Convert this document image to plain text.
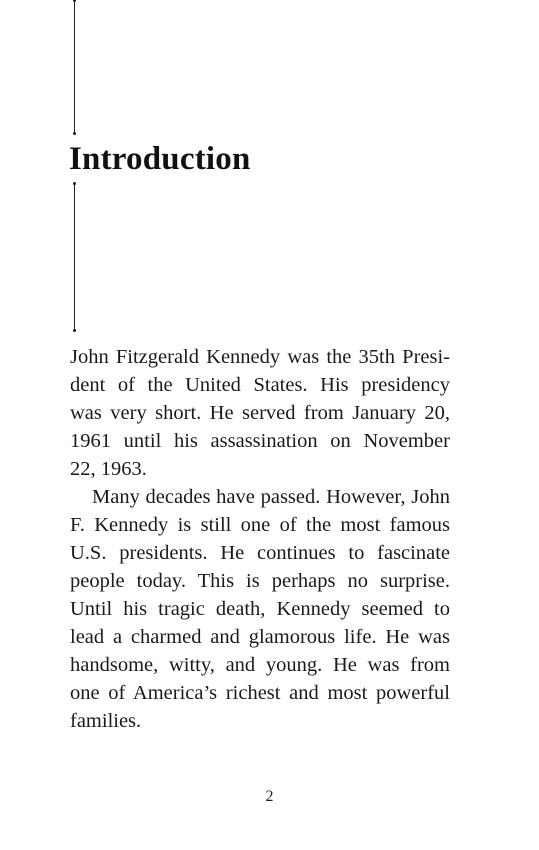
Introduction

John Fitzgerald Kennedy was the 35th Presi-
dent of the United States. His presidency
was very short. He served from January 20,
1961 until his assassination on November
22, 1963.

Many decades have passed. However, John
F. Kennedy is still one of the most famous
U.S. presidents. He continues to fascinate
people today. This is perhaps no surprise.
Until his tragic death, Kennedy seemed to
lead a charmed and glamorous life. He was
handsome, witty, and young. He was from
one of America’s richest and most powerful
families.

2
